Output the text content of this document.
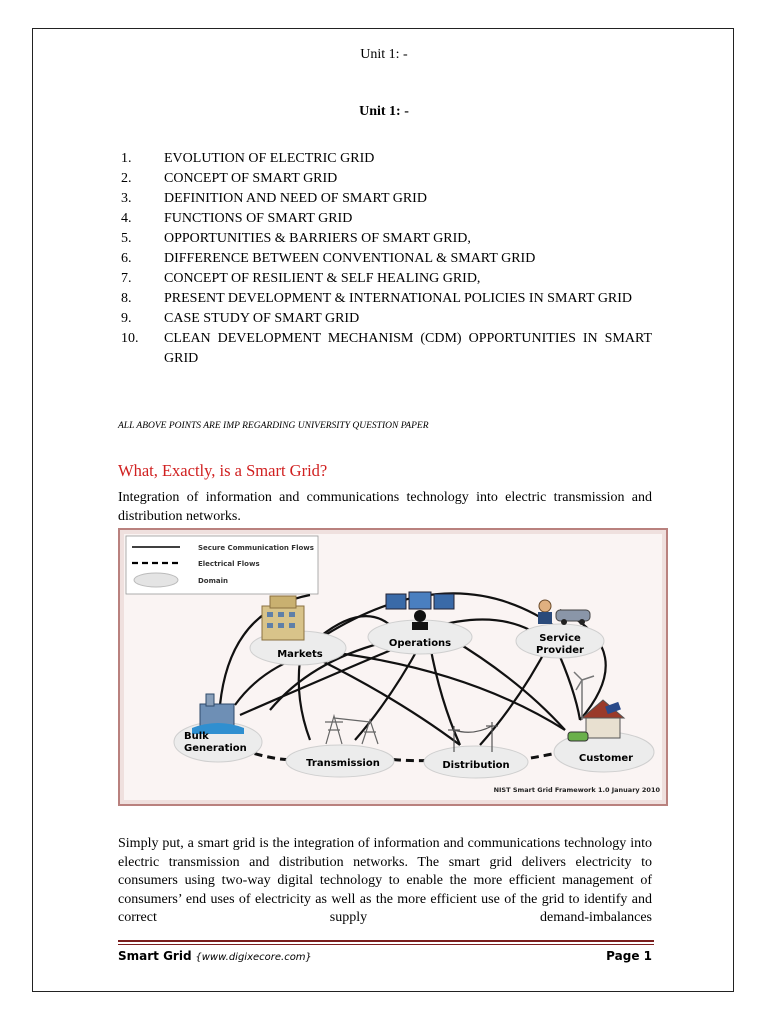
Unit 1: -
Unit 1: -
1.	EVOLUTION OF ELECTRIC GRID
2.	CONCEPT OF SMART GRID
3.	DEFINITION AND NEED OF SMART GRID
4.	FUNCTIONS OF SMART GRID
5.	OPPORTUNITIES & BARRIERS OF SMART GRID,
6.	DIFFERENCE BETWEEN CONVENTIONAL & SMART GRID
7.	CONCEPT OF RESILIENT & SELF HEALING GRID,
8.	PRESENT DEVELOPMENT & INTERNATIONAL POLICIES IN SMART GRID
9.	CASE STUDY OF SMART GRID
10.	CLEAN DEVELOPMENT MECHANISM (CDM) OPPORTUNITIES IN SMART GRID
ALL ABOVE POINTS ARE IMP REGARDING UNIVERSITY QUESTION PAPER
What, Exactly, is a Smart Grid?
Integration of information and communications technology into electric transmission and distribution networks.
Secure Communication Flows
Electrical Flows
Domain
Markets
Operations	Service
Provider
Bulk
Generation
Transmission	Distribution
Customer
NIST Smart Grid Framework 1.0 January 2010
Simply put, a smart grid is the integration of information and communications technology into electric transmission and distribution networks. The smart grid delivers electricity to consumers using two-way digital technology to enable the more efficient management of consumers’ end uses of electricity as well as the more efficient use of the grid to identify and correct supply demand-imbalances
Smart Grid {www.digixecore.com}	Page 1
